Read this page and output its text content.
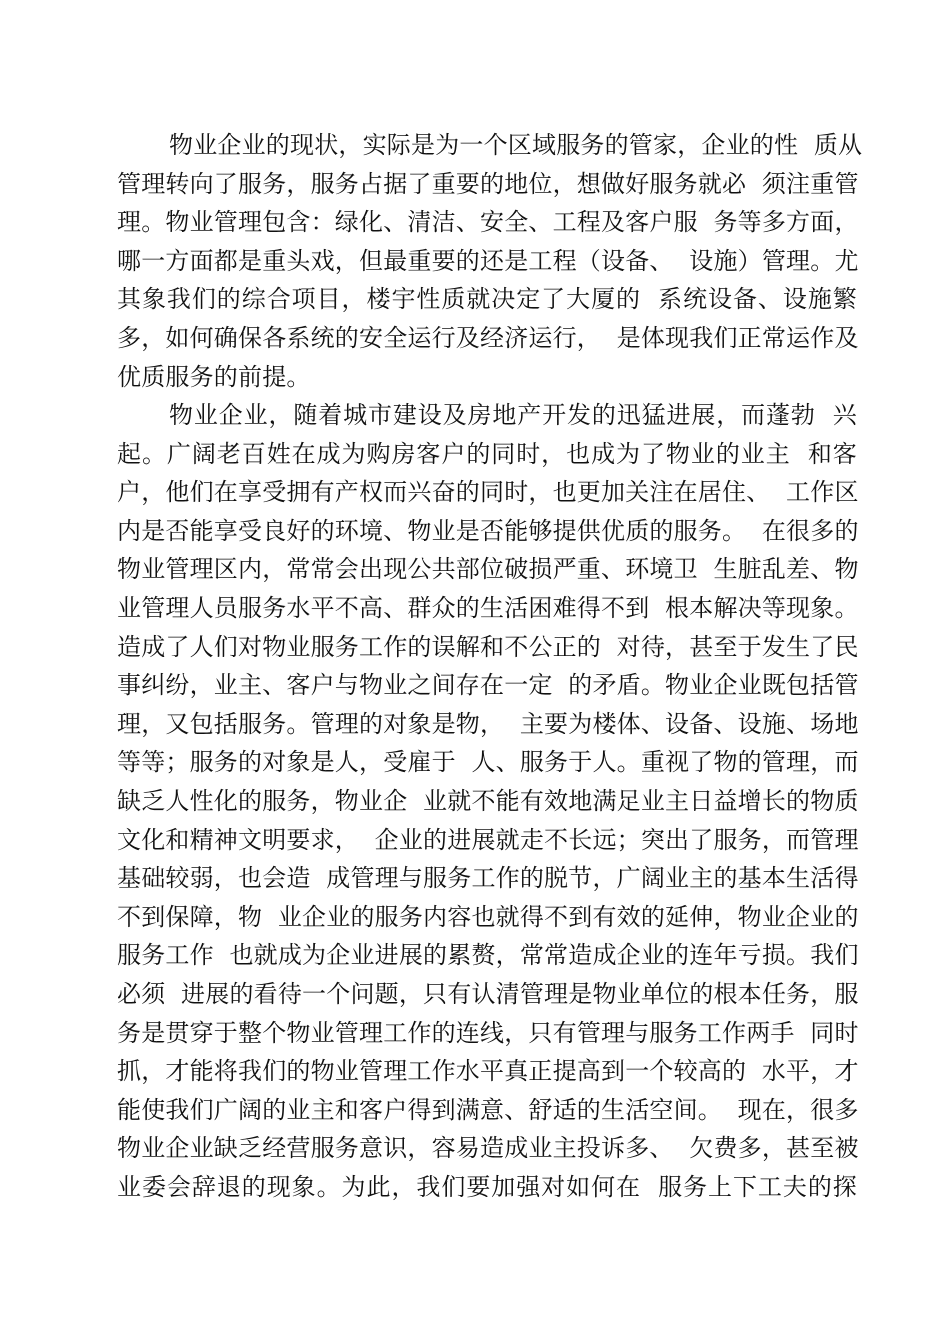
物业企业的现状，实际是为一个区域服务的管家，企业的性  质从
管理转向了服务，服务占据了重要的地位，想做好服务就必  须注重管
理。物业管理包含：绿化、清洁、安全、工程及客户服  务等多方面，
哪一方面都是重头戏，但最重要的还是工程（设备、  设施）管理。尤
其象我们的综合项目，楼宇性质就决定了大厦的  系统设备、设施繁
多，如何确保各系统的安全运行及经济运行，  是体现我们正常运作及
优质服务的前提。
物业企业，随着城市建设及房地产开发的迅猛进展，而蓬勃  兴
起。广阔老百姓在成为购房客户的同时，也成为了物业的业主  和客
户，他们在享受拥有产权而兴奋的同时，也更加关注在居住、  工作区
内是否能享受良好的环境、物业是否能够提供优质的服务。  在很多的
物业管理区内，常常会出现公共部位破损严重、环境卫  生脏乱差、物
业管理人员服务水平不高、群众的生活困难得不到  根本解决等现象。
造成了人们对物业服务工作的误解和不公正的  对待，甚至于发生了民
事纠纷，业主、客户与物业之间存在一定  的矛盾。物业企业既包括管
理，又包括服务。管理的对象是物，  主要为楼体、设备、设施、场地
等等；服务的对象是人，受雇于  人、服务于人。重视了物的管理，而
缺乏人性化的服务，物业企  业就不能有效地满足业主日益增长的物质
文化和精神文明要求，  企业的进展就走不长远；突出了服务，而管理
基础较弱，也会造  成管理与服务工作的脱节，广阔业主的基本生活得
不到保障，物  业企业的服务内容也就得不到有效的延伸，物业企业的
服务工作  也就成为企业进展的累赘，常常造成企业的连年亏损。我们
必须  进展的看待一个问题，只有认清管理是物业单位的根本任务，服
务是贯穿于整个物业管理工作的连线，只有管理与服务工作两手  同时
抓，才能将我们的物业管理工作水平真正提高到一个较高的  水平，才
能使我们广阔的业主和客户得到满意、舒适的生活空间。  现在，很多
物业企业缺乏经营服务意识，容易造成业主投诉多、  欠费多，甚至被
业委会辞退的现象。为此，我们要加强对如何在  服务上下工夫的探
